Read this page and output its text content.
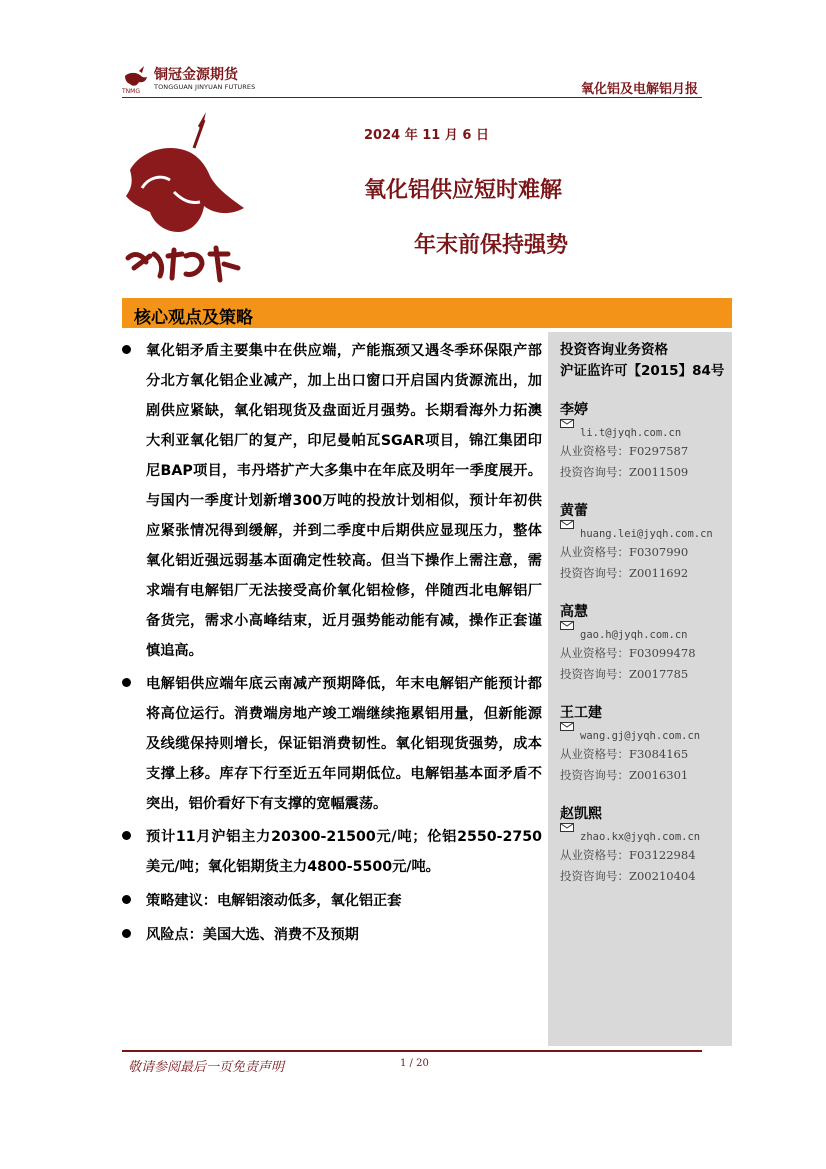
铜冠金源期货
TONGGUAN JINYUAN FUTURES
TNMG	氧化铝及电解铝月报
2024 年 11 月 6 日
氧化铝供应短时难解
年末前保持强势
核心观点及策略
氧化铝矛盾主要集中在供应端，产能瓶颈又遇冬季环保限产部分北方氧化铝企业减产，加上出口窗口开启国内货源流出，加剧供应紧缺，氧化铝现货及盘面近月强势。长期看海外力拓澳大利亚氧化铝厂的复产，印尼曼帕瓦SGAR项目，锦江集团印尼BAP项目，韦丹塔扩产大多集中在年底及明年一季度展开。与国内一季度计划新增300万吨的投放计划相似，预计年初供应紧张情况得到缓解，并到二季度中后期供应显现压力，整体氧化铝近强远弱基本面确定性较高。但当下操作上需注意，需求端有电解铝厂无法接受高价氧化铝检修，伴随西北电解铝厂备货完，需求小高峰结束，近月强势能动能有减，操作正套谨慎追高。
电解铝供应端年底云南减产预期降低，年末电解铝产能预计都将高位运行。消费端房地产竣工端继续拖累铝用量，但新能源及线缆保持则增长，保证铝消费韧性。氧化铝现货强势，成本支撑上移。库存下行至近五年同期低位。电解铝基本面矛盾不突出，铝价看好下有支撑的宽幅震荡。
预计11月沪铝主力20300-21500元/吨；伦铝2550-2750美元/吨；氧化铝期货主力4800-5500元/吨。
策略建议：电解铝滚动低多，氧化铝正套
风险点：美国大选、消费不及预期
投资咨询业务资格
沪证监许可【2015】84号
李婷
li.t@jyqh.com.cn
从业资格号：F0297587
投资咨询号：Z0011509
黄蕾
huang.lei@jyqh.com.cn
从业资格号：F0307990
投资咨询号：Z0011692
高慧
gao.h@jyqh.com.cn
从业资格号：F03099478
投资咨询号：Z0017785
王工建
wang.gj@jyqh.com.cn
从业资格号：F3084165
投资咨询号：Z0016301
赵凯熙
zhao.kx@jyqh.com.cn
从业资格号：F03122984
投资咨询号：Z00210404
敬请参阅最后一页免责声明	1 / 20
